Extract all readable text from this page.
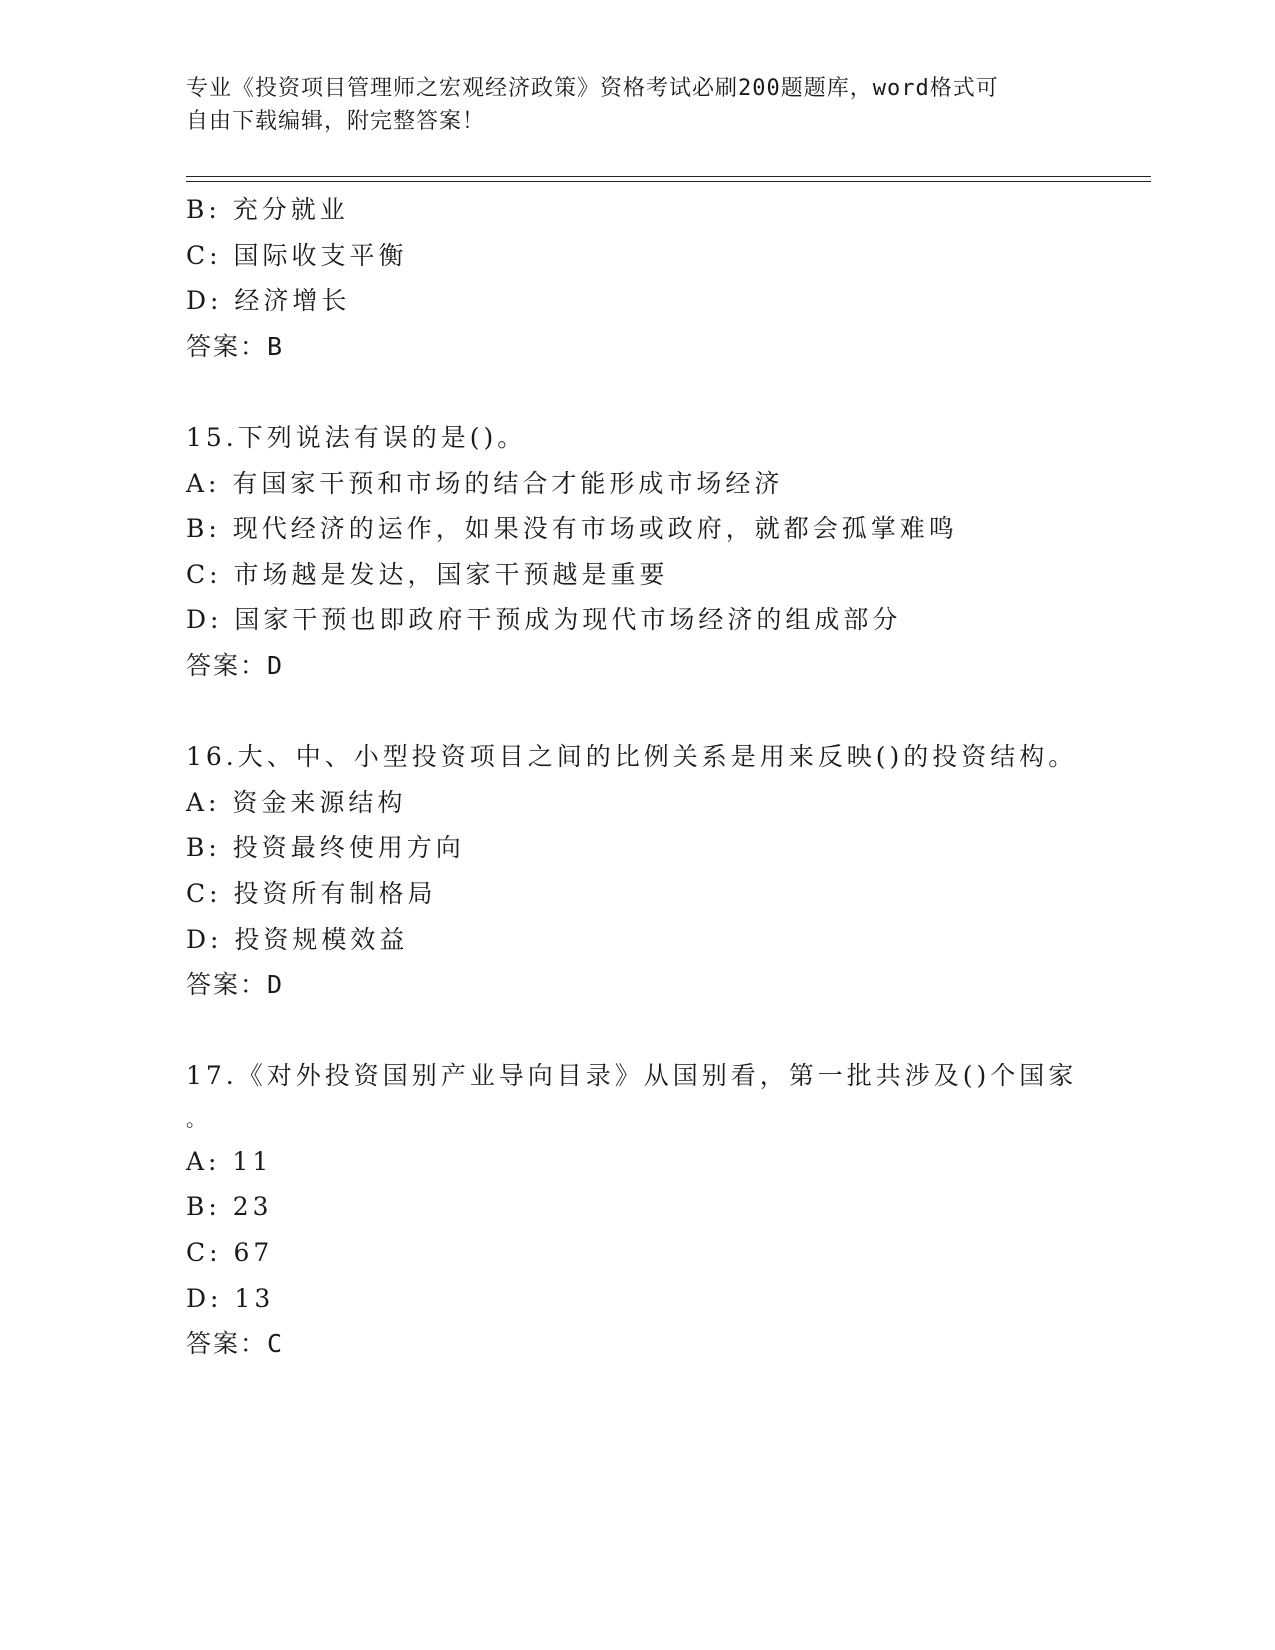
专业《投资项目管理师之宏观经济政策》资格考试必刷200题题库，word格式可
自由下载编辑，附完整答案！
B: 充分就业
C: 国际收支平衡
D: 经济增长
答案：B
15.下列说法有误的是()。
A: 有国家干预和市场的结合才能形成市场经济
B: 现代经济的运作，如果没有市场或政府，就都会孤掌难鸣
C: 市场越是发达，国家干预越是重要
D: 国家干预也即政府干预成为现代市场经济的组成部分
答案：D
16.大、中、小型投资项目之间的比例关系是用来反映()的投资结构。
A: 资金来源结构
B: 投资最终使用方向
C: 投资所有制格局
D: 投资规模效益
答案：D
17.《对外投资国别产业导向目录》从国别看，第一批共涉及()个国家
。
A: 11
B: 23
C: 67
D: 13
答案：C
